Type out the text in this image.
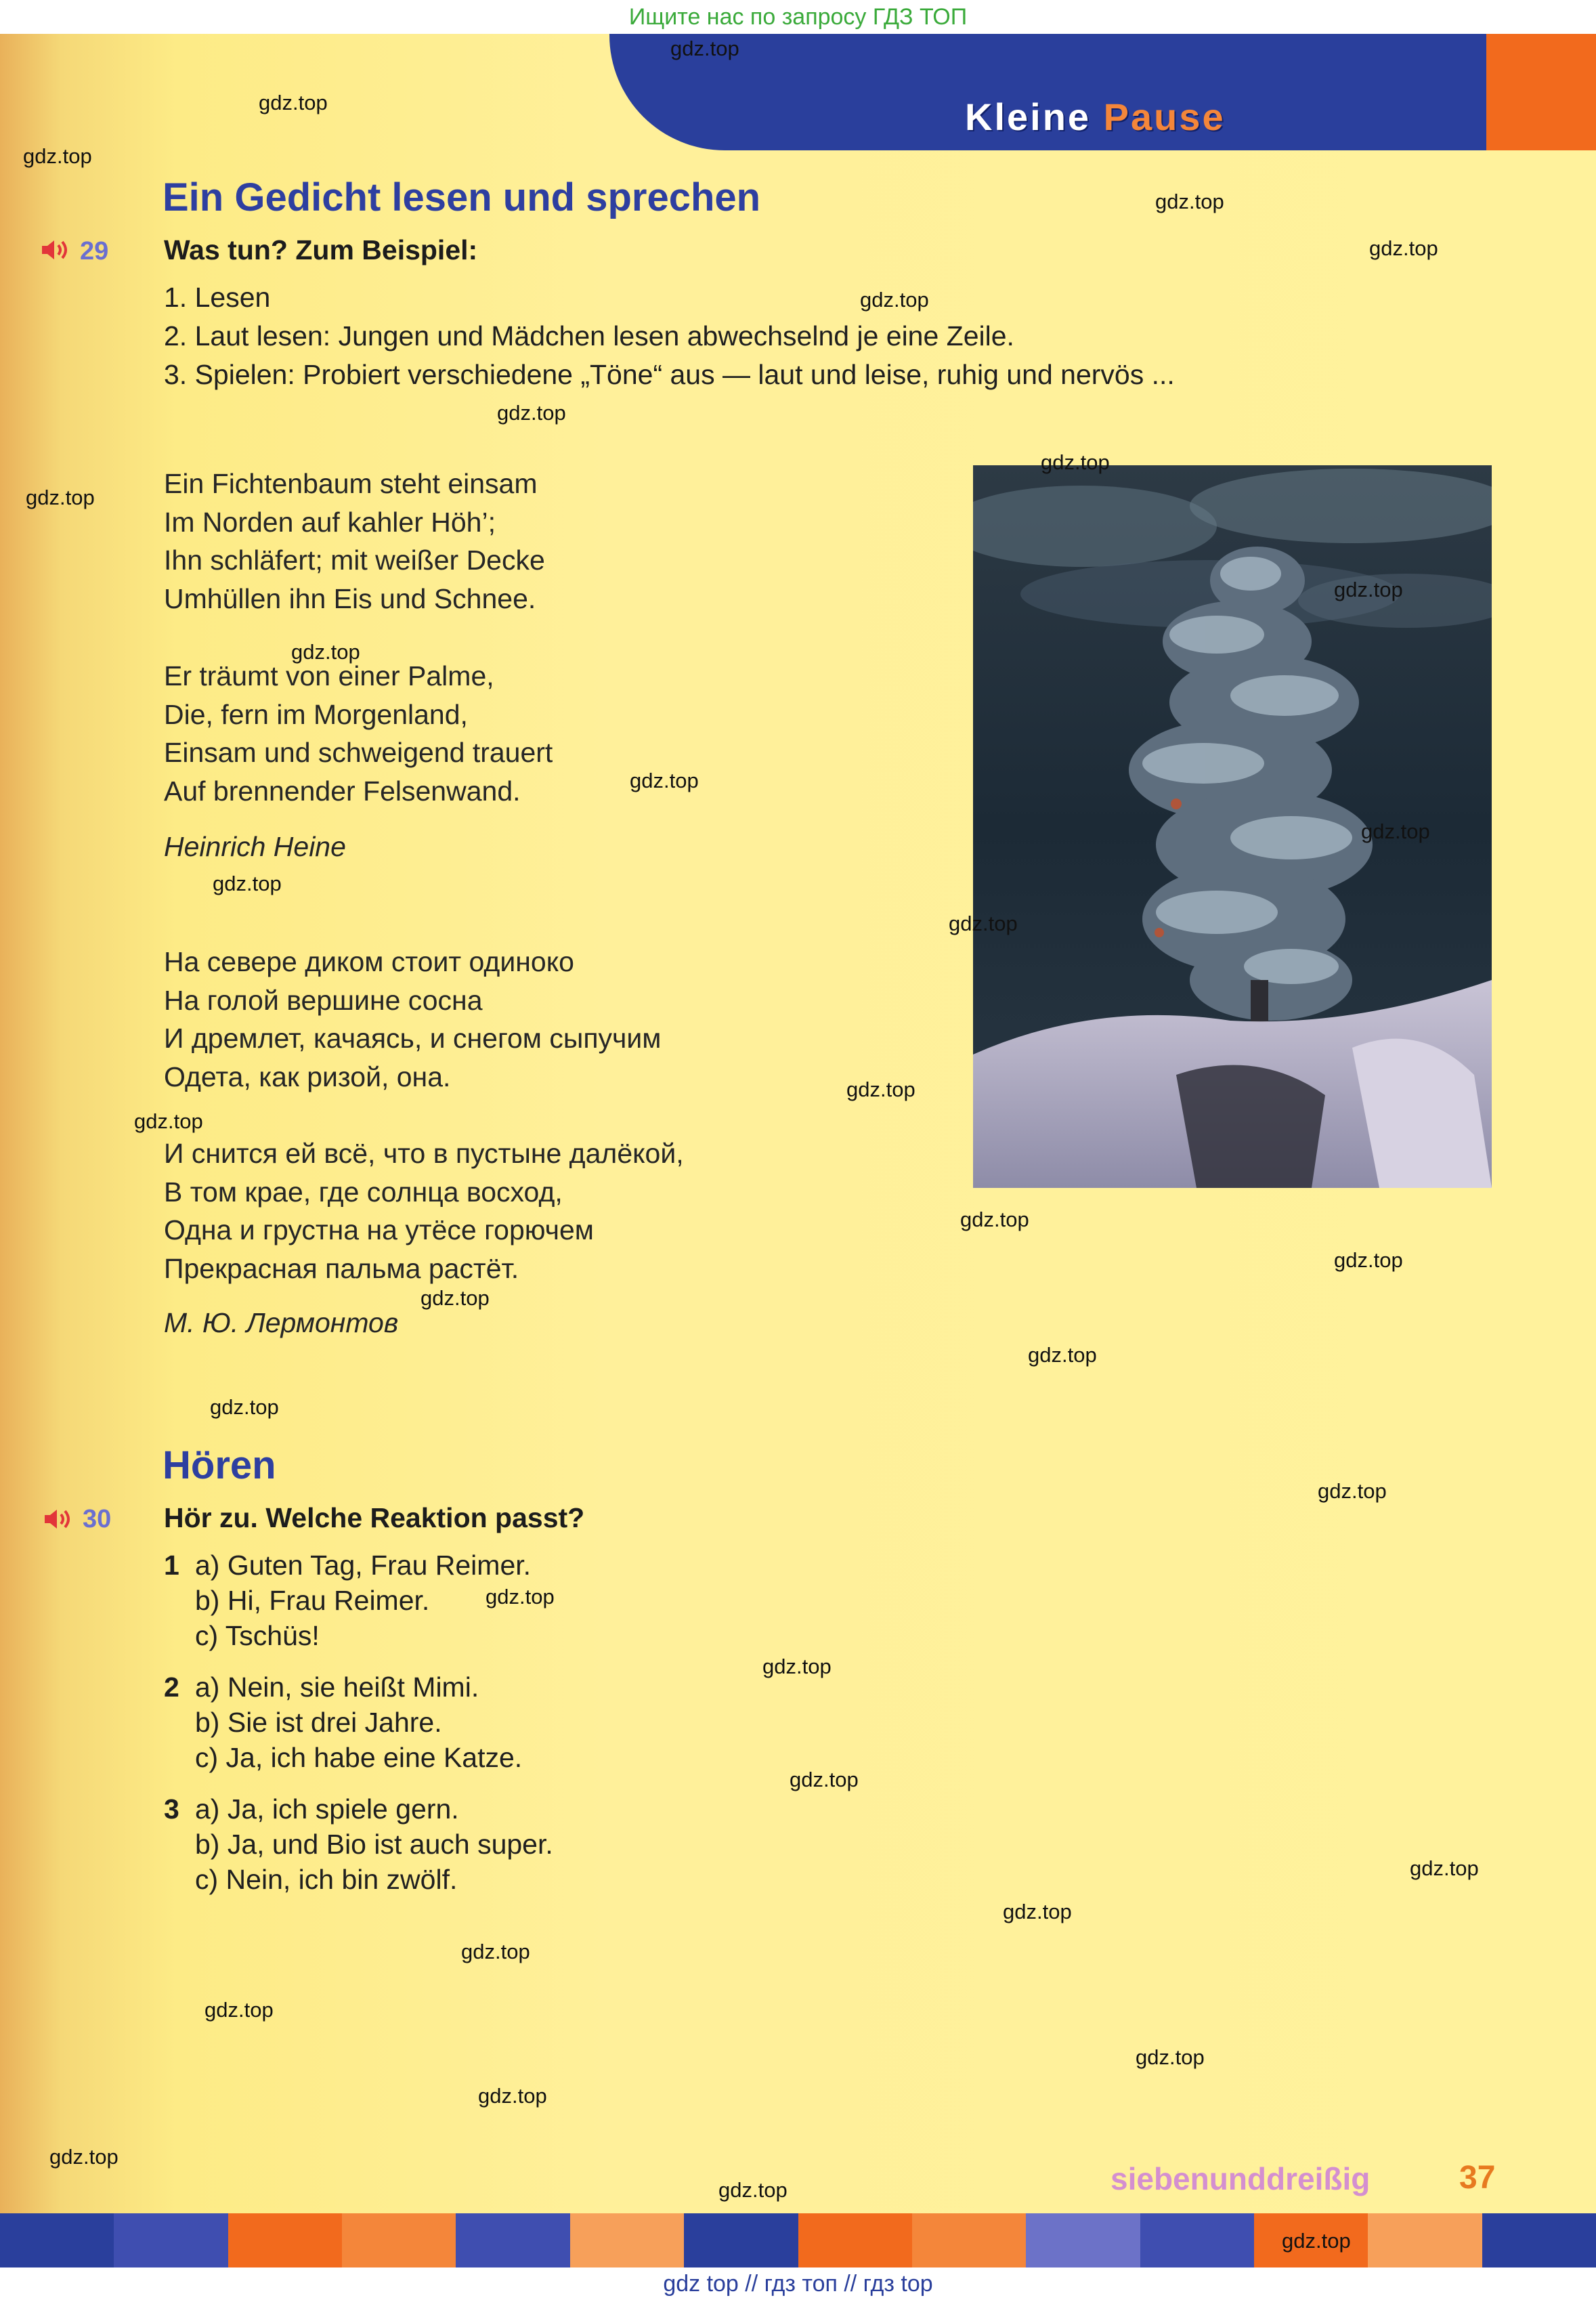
Ищите нас по запросу ГДЗ ТОП
Kleine Pause
Ein Gedicht lesen und sprechen
29 Was tun? Zum Beispiel:
1. Lesen
2. Laut lesen: Jungen und Mädchen lesen abwechselnd je eine Zeile.
3. Spielen: Probiert verschiedene „Töne“ aus — laut und leise, ruhig und nervös ...
Ein Fichtenbaum steht einsam
Im Norden auf kahler Höh’;
Ihn schläfert; mit weißer Decke
Umhüllen ihn Eis und Schnee.
Er träumt von einer Palme,
Die, fern im Morgenland,
Einsam und schweigend trauert
Auf brennender Felsenwand.
Heinrich Heine
На севере диком стоит одиноко
На голой вершине сосна
И дремлет, качаясь, и снегом сыпучим
Одета, как ризой, она.
И снится ей всё, что в пустыне далёкой,
В том крае, где солнца восход,
Одна и грустна на утёсе горючем
Прекрасная пальма растёт.
М. Ю. Лермонтов
Hören
30 Hör zu. Welche Reaktion passt?
1 a) Guten Tag, Frau Reimer.
b) Hi, Frau Reimer.
c) Tschüs!
2 a) Nein, sie heißt Mimi.
b) Sie ist drei Jahre.
c) Ja, ich habe eine Katze.
3 a) Ja, ich spiele gern.
b) Ja, und Bio ist auch super.
c) Nein, ich bin zwölf.
siebenunddreißig	37
gdz top // гдз топ // гдз top
gdz.top
gdz.top
gdz.top
gdz.top
gdz.top
gdz.top
gdz.top
gdz.top
gdz.top
gdz.top
gdz.top
gdz.top
gdz.top
gdz.top
gdz.top
gdz.top
gdz.top
gdz.top
gdz.top
gdz.top
gdz.top
gdz.top
gdz.top
gdz.top
gdz.top
gdz.top
gdz.top
gdz.top
gdz.top
gdz.top
gdz.top
gdz.top
gdz.top
gdz.top
gdz.top
